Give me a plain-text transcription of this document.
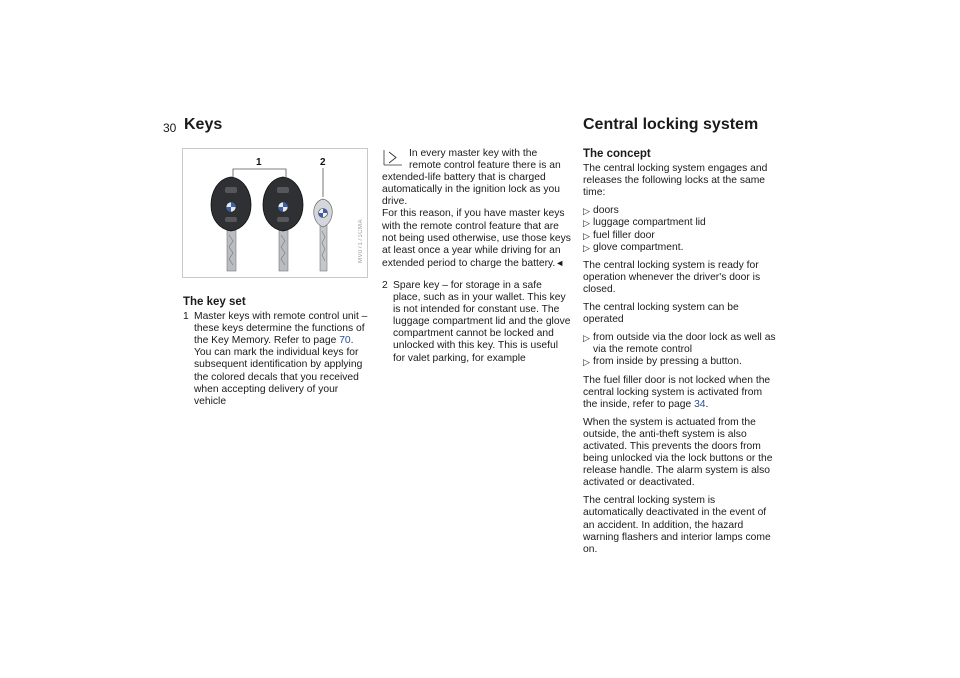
30 Keys	Central locking system
1	2
MV07171CMA
The key set
1 Master keys with remote control unit – these keys determine the functions of the Key Memory. Refer to page 70. You can mark the individual keys for subsequent identification by applying the colored decals that you received when accepting delivery of your vehicle

In every master key with the remote control feature there is an extended-life battery that is charged automatically in the ignition lock as you drive.
For this reason, if you have master keys with the remote control feature that are not being used otherwise, use those keys at least once a year while driving for an extended period to charge the battery.◄

2 Spare key – for storage in a safe place, such as in your wallet. This key is not intended for constant use. The luggage compartment lid and the glove compartment cannot be locked and unlocked with this key. This is useful for valet parking, for example
The concept

The central locking system engages and releases the following locks at the same time:

▷ doors
▷ luggage compartment lid
▷ fuel filler door
▷ glove compartment.

The central locking system is ready for operation whenever the driver's door is closed.

The central locking system can be operated

▷ from outside via the door lock as well as via the remote control
▷ from inside by pressing a button.

The fuel filler door is not locked when the central locking system is activated from the inside, refer to page 34.

When the system is actuated from the outside, the anti-theft system is also activated. This prevents the doors from being unlocked via the lock buttons or the release handle. The alarm system is also activated or deactivated.

The central locking system is automatically deactivated in the event of an accident. In addition, the hazard warning flashers and interior lamps come on.
